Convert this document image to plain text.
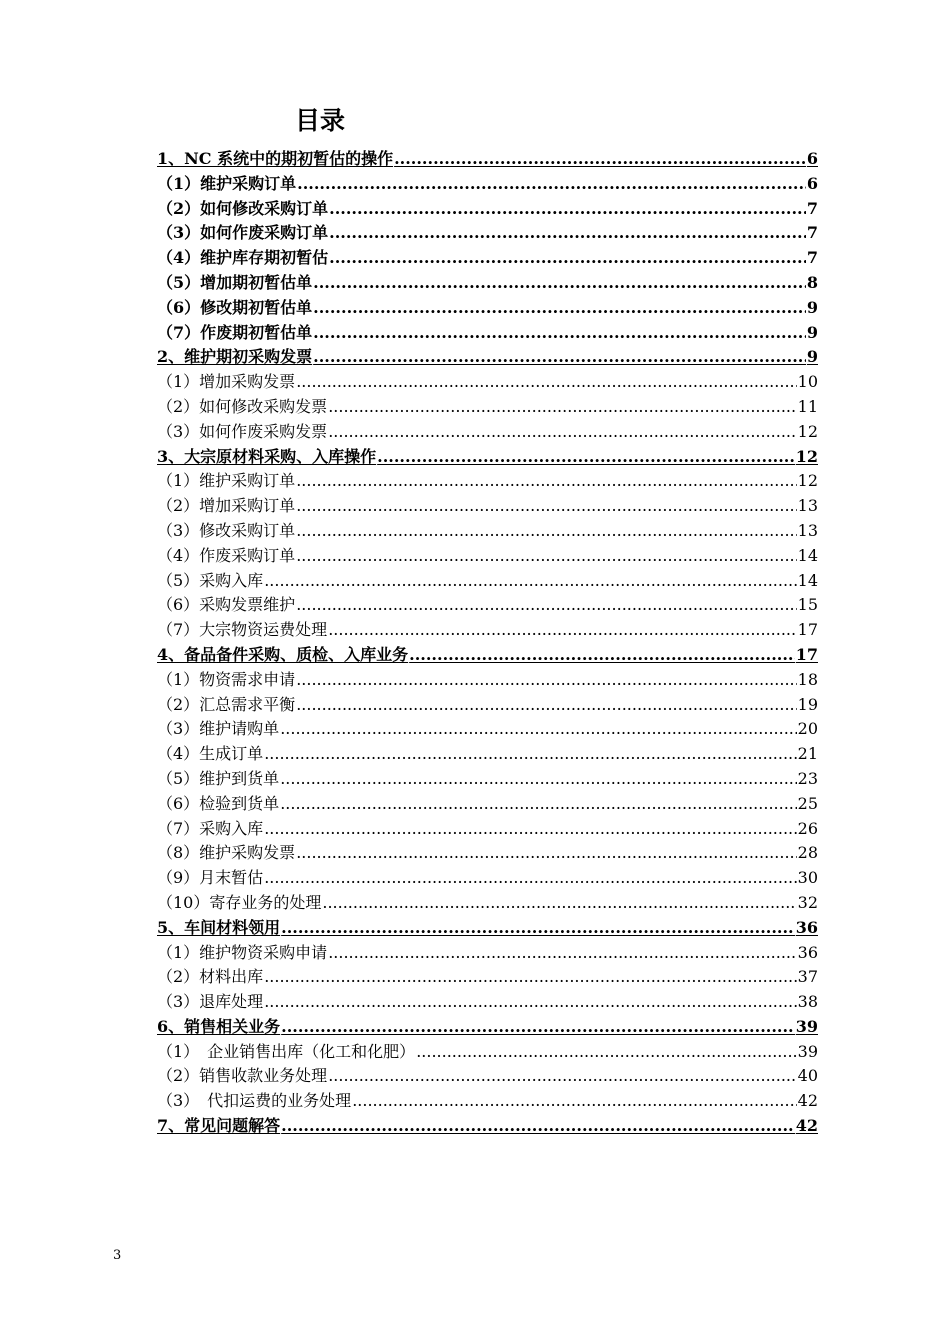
目录
1、NC 系统中的期初暂估的操作 .....	6
（1）维护采购订单 .....	6
（2）如何修改采购订单 .....	7
（3）如何作废采购订单 .....	7
（4）维护库存期初暂估 .....	7
（5）增加期初暂估单 .....	8
（6）修改期初暂估单 .....	9
（7）作废期初暂估单 .....	9
2、维护期初采购发票 .....	9
（1）增加采购发票 .....	10
（2）如何修改采购发票 .....	11
（3）如何作废采购发票 .....	12
3、大宗原材料采购、入库操作 .....	12
（1）维护采购订单 .....	12
（2）增加采购订单 .....	13
（3）修改采购订单 .....	13
（4）作废采购订单 .....	14
（5）采购入库 .....	14
（6）采购发票维护 .....	15
（7）大宗物资运费处理 .....	17
4、备品备件采购、质检、入库业务 .....	17
（1）物资需求申请 .....	18
（2）汇总需求平衡 .....	19
（3）维护请购单 .....	20
（4）生成订单 .....	21
（5）维护到货单 .....	23
（6）检验到货单 .....	25
（7）采购入库 .....	26
（8）维护采购发票 .....	28
（9）月末暂估 .....	30
（10）寄存业务的处理 .....	32
5、车间材料领用 .....	36
（1）维护物资采购申请 .....	36
（2）材料出库 .....	37
（3）退库处理 .....	38
6、销售相关业务 .....	39
（1）　企业销售出库（化工和化肥） .....	39
（2）销售收款业务处理 .....	40
（3）　代扣运费的业务处理 .....	42
7、常见问题解答 .....	42
3
